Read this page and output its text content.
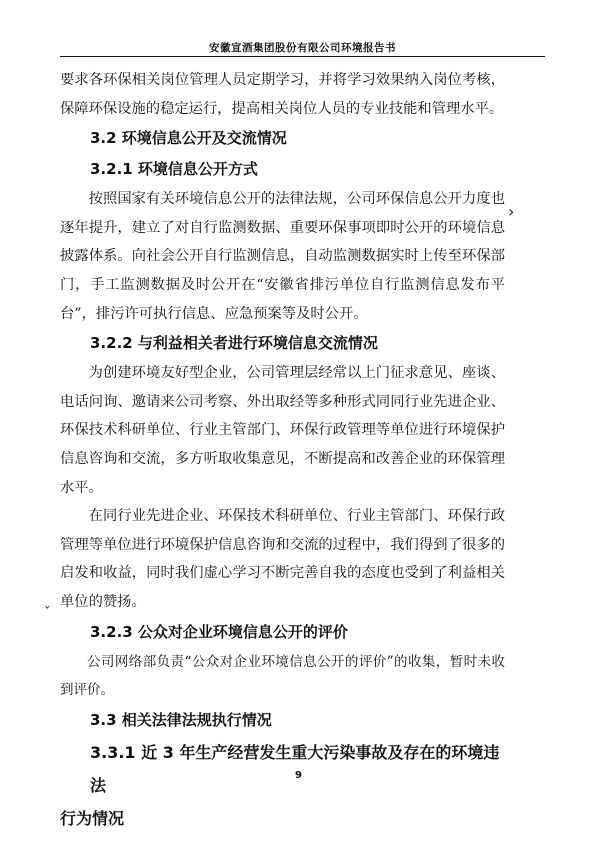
安徽宣酒集团股份有限公司环境报告书

要求各环保相关岗位管理人员定期学习，并将学习效果纳入岗位考核，保障环保设施的稳定运行，提高相关岗位人员的专业技能和管理水平。

3.2 环境信息公开及交流情况
3.2.1 环境信息公开方式

按照国家有关环境信息公开的法律法规，公司环保信息公开力度也逐年提升，建立了对自行监测数据、重要环保事项即时公开的环境信息披露体系。向社会公开自行监测信息，自动监测数据实时上传至环保部门，手工监测数据及时公开在“安徽省排污单位自行监测信息发布平台”，排污许可执行信息、应急预案等及时公开。

3.2.2 与利益相关者进行环境信息交流情况

为创建环境友好型企业，公司管理层经常以上门征求意见、座谈、电话问询、邀请来公司考察、外出取经等多种形式同同行业先进企业、环保技术科研单位、行业主管部门、环保行政管理等单位进行环境保护信息咨询和交流，多方听取收集意见，不断提高和改善企业的环保管理水平。

在同行业先进企业、环保技术科研单位、行业主管部门、环保行政管理等单位进行环境保护信息咨询和交流的过程中，我们得到了很多的启发和收益，同时我们虚心学习不断完善自我的态度也受到了利益相关单位的赞扬。

3.2.3 公众对企业环境信息公开的评价

公司网络部负责“公众对企业环境信息公开的评价”的收集，暂时未收到评价。

3.3 相关法律法规执行情况
3.3.1 近 3 年生产经营发生重大污染事故及存在的环境违法
行为情况
›
ˇ
9
